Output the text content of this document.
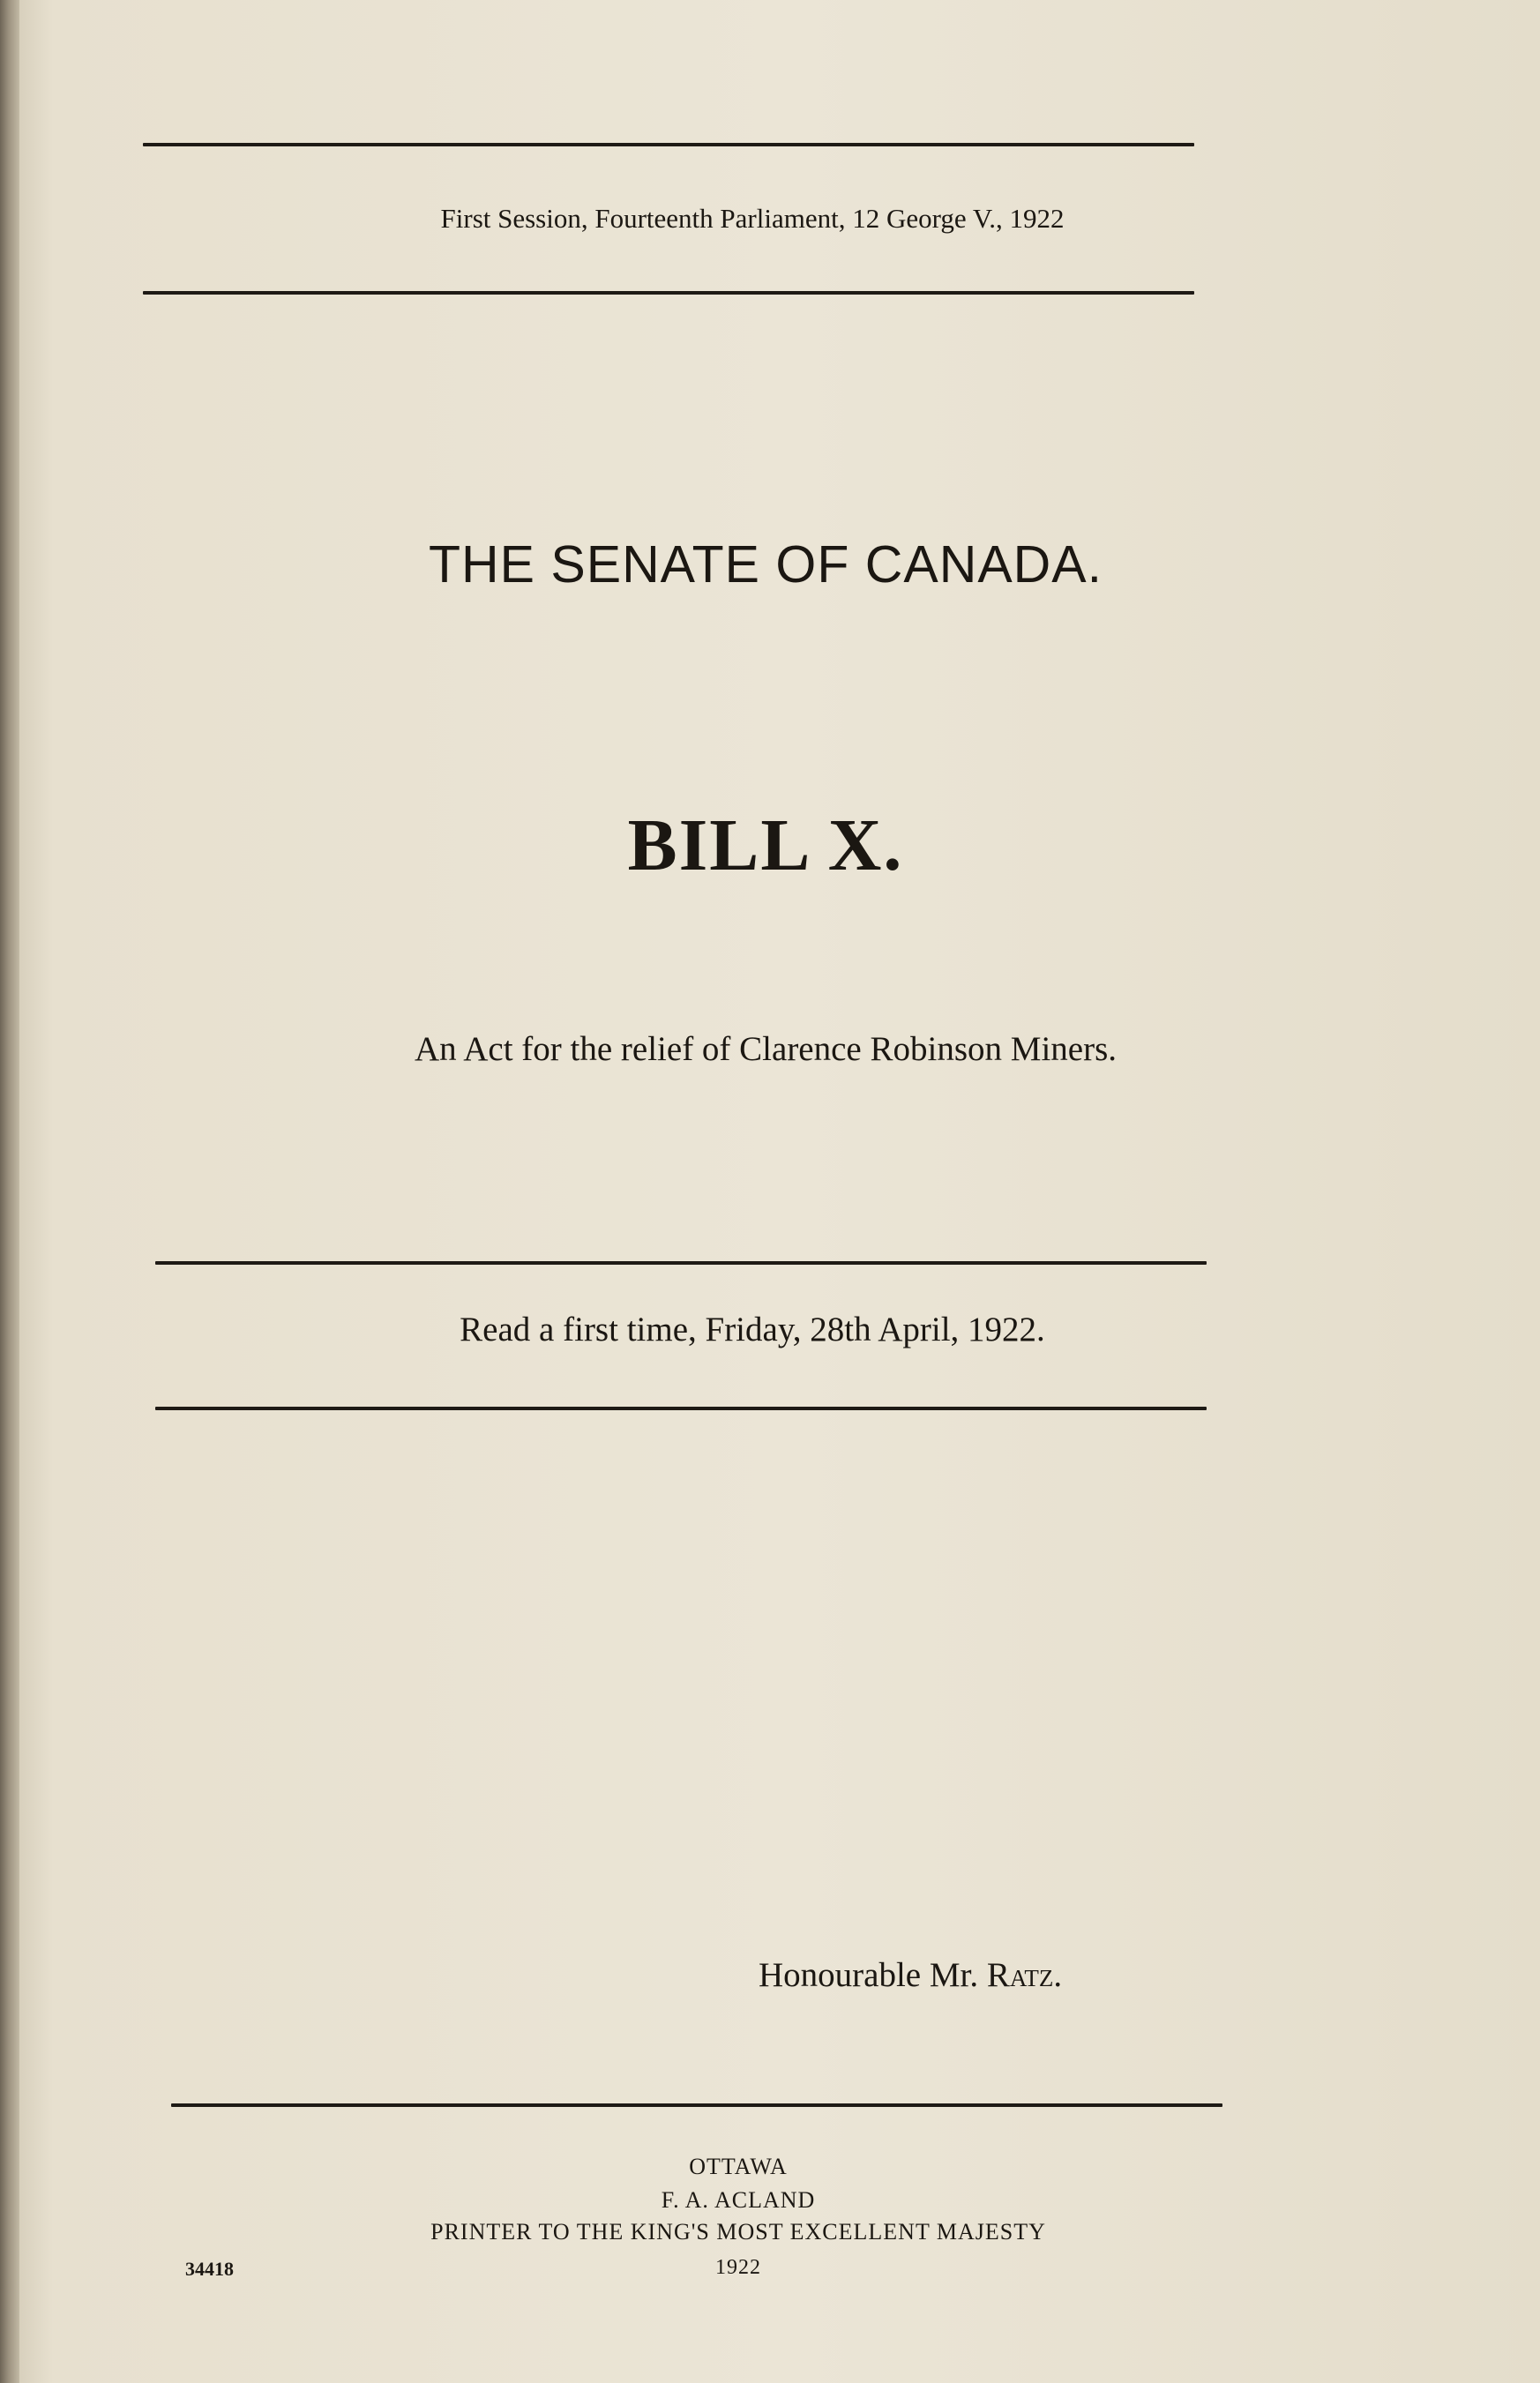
First Session, Fourteenth Parliament, 12 George V., 1922
THE SENATE OF CANADA.
BILL X.
An Act for the relief of Clarence Robinson Miners.
Read a first time, Friday, 28th April, 1922.
Honourable Mr. Ratz.
OTTAWA
F. A. ACLAND
PRINTER TO THE KING'S MOST EXCELLENT MAJESTY
1922
34418
